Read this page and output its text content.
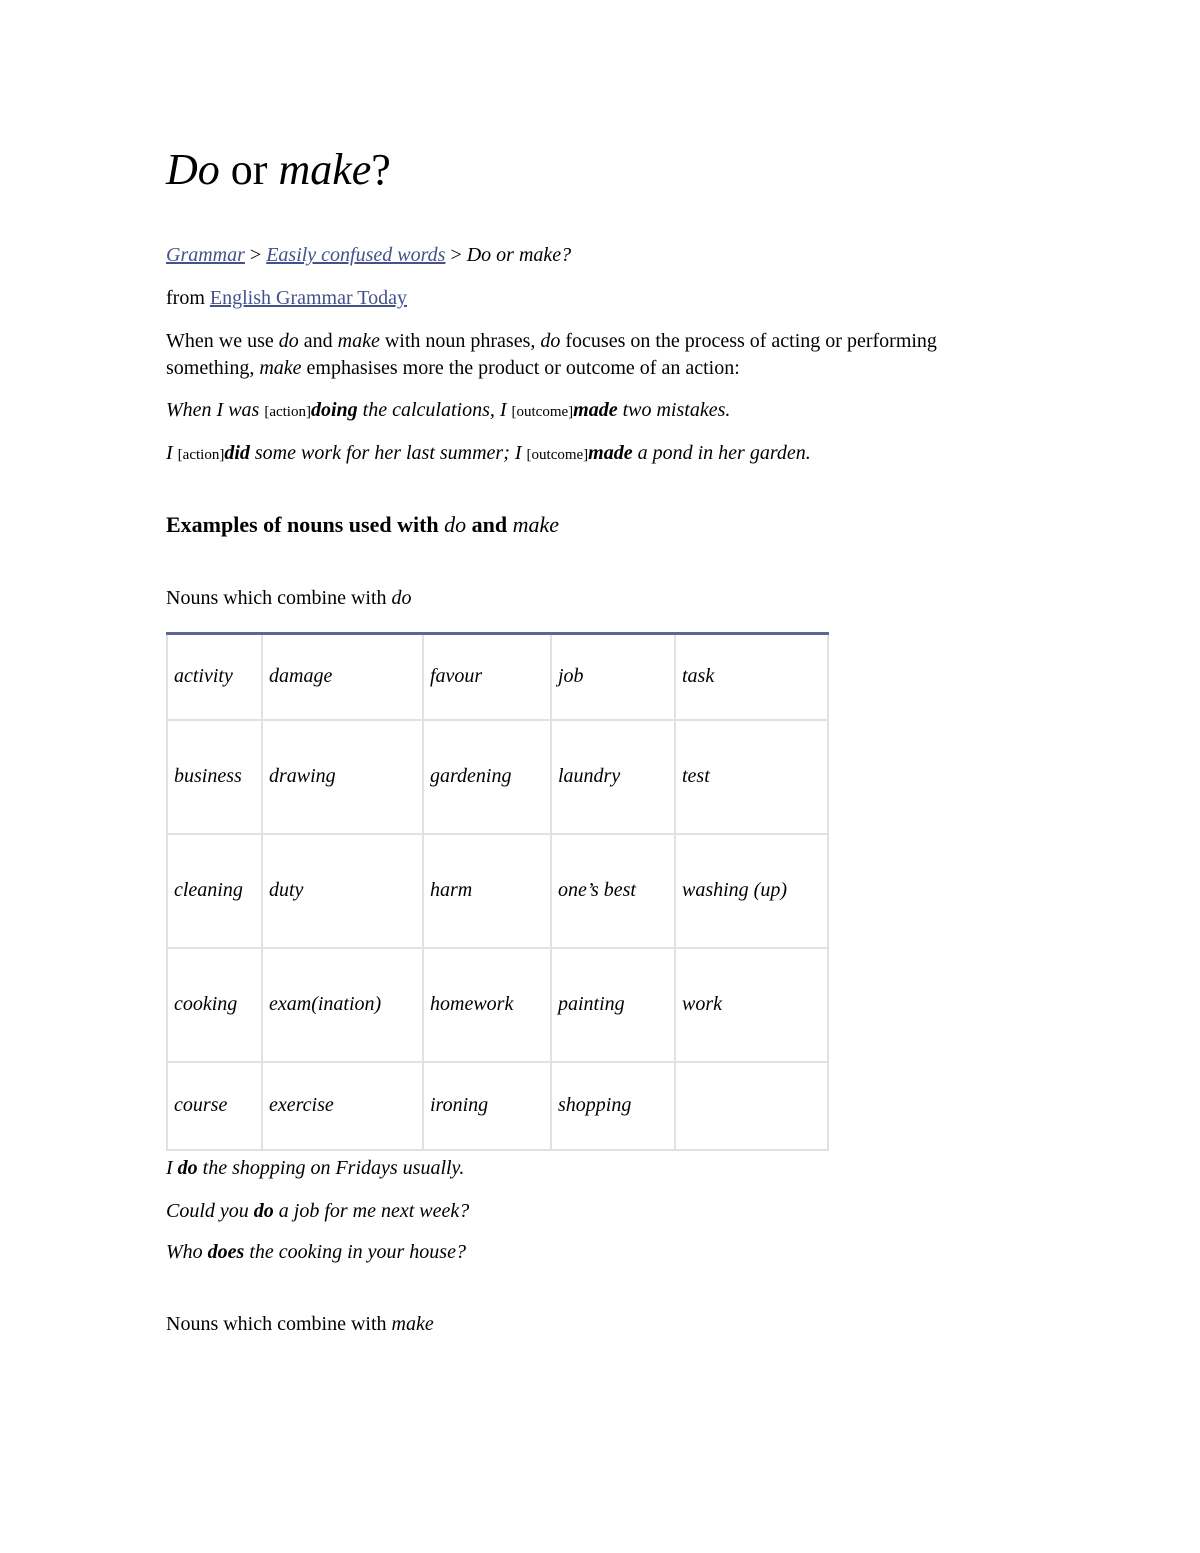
Do or make?
Grammar > Easily confused words > Do or make?
from English Grammar Today

When we use do and make with noun phrases, do focuses on the process of acting or performing something, make emphasises more the product or outcome of an action:

When I was [action]doing the calculations, I [outcome]made two mistakes.
I [action]did some work for her last summer; I [outcome]made a pond in her garden.
Examples of nouns used with do and make
Nouns which combine with do
activity	damage	favour	job	task
business	drawing	gardening	laundry	test
cleaning	duty	harm	one’s best	washing (up)
cooking	exam(ination)	homework	painting	work
course	exercise	ironing	shopping	
I do the shopping on Fridays usually.
Could you do a job for me next week?
Who does the cooking in your house?
Nouns which combine with make
